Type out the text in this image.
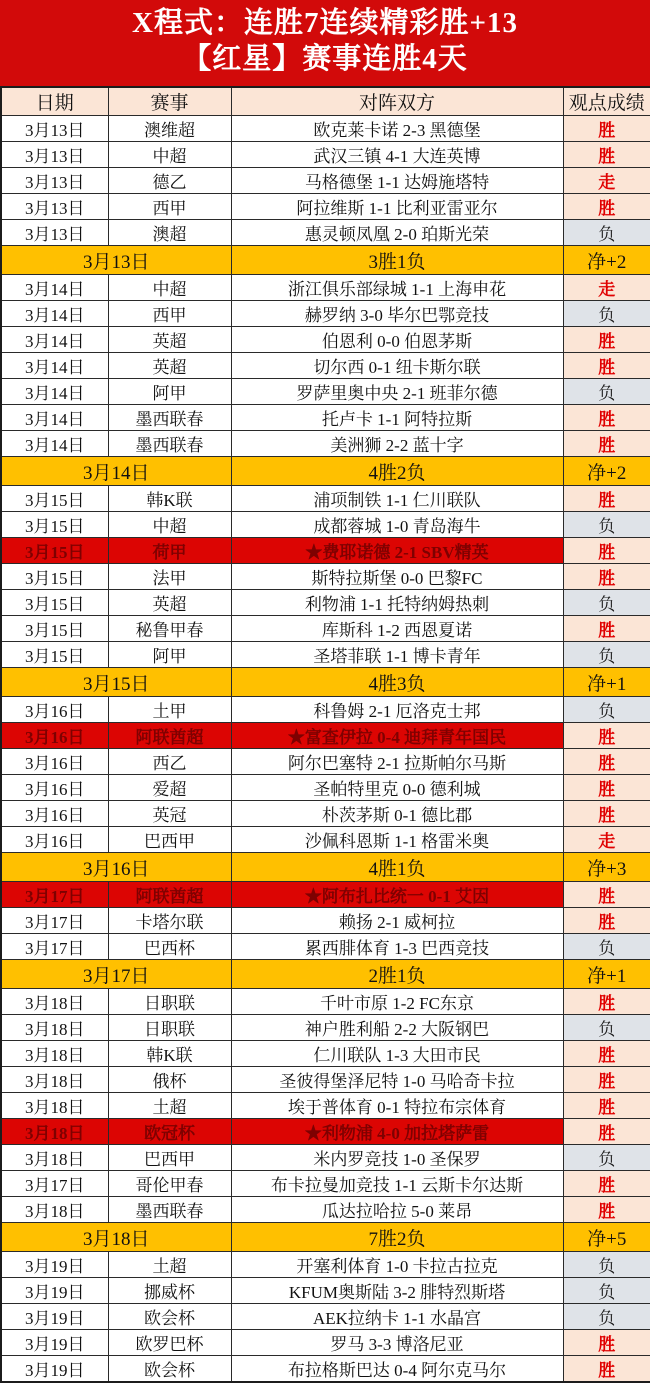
X程式：连胜7连续精彩胜+13
【红星】赛事连胜4天
日期	赛事	对阵双方	观点成绩
3月13日	澳维超	欧克莱卡诺 2-3 黑德堡	胜
3月13日	中超	武汉三镇 4-1 大连英博	胜
3月13日	德乙	马格德堡 1-1 达姆施塔特	走
3月13日	西甲	阿拉维斯 1-1 比利亚雷亚尔	胜
3月13日	澳超	惠灵顿凤凰 2-0 珀斯光荣	负
3月13日		3胜1负	净+2
3月14日	中超	浙江俱乐部绿城 1-1 上海申花	走
3月14日	西甲	赫罗纳 3-0 毕尔巴鄂竞技	负
3月14日	英超	伯恩利 0-0 伯恩茅斯	胜
3月14日	英超	切尔西 0-1 纽卡斯尔联	胜
3月14日	阿甲	罗萨里奥中央 2-1 班菲尔德	负
3月14日	墨西联春	托卢卡 1-1 阿特拉斯	胜
3月14日	墨西联春	美洲狮 2-2 蓝十字	胜
3月14日		4胜2负	净+2
3月15日	韩K联	浦项制铁 1-1 仁川联队	胜
3月15日	中超	成都蓉城 1-0 青岛海牛	负
3月15日	荷甲	★费耶诺德 2-1 SBV精英	胜
3月15日	法甲	斯特拉斯堡 0-0 巴黎FC	胜
3月15日	英超	利物浦 1-1 托特纳姆热刺	负
3月15日	秘鲁甲春	库斯科 1-2 西恩夏诺	胜
3月15日	阿甲	圣塔菲联 1-1 博卡青年	负
3月15日		4胜3负	净+1
3月16日	土甲	科鲁姆 2-1 厄洛克士邦	负
3月16日	阿联酋超	★富查伊拉 0-4 迪拜青年国民	胜
3月16日	西乙	阿尔巴塞特 2-1 拉斯帕尔马斯	胜
3月16日	爱超	圣帕特里克 0-0 德利城	胜
3月16日	英冠	朴茨茅斯 0-1 德比郡	胜
3月16日	巴西甲	沙佩科恩斯 1-1 格雷米奥	走
3月16日		4胜1负	净+3
3月17日	阿联酋超	★阿布扎比统一 0-1 艾因	胜
3月17日	卡塔尔联	赖扬 2-1 威柯拉	胜
3月17日	巴西杯	累西腓体育 1-3 巴西竞技	负
3月17日		2胜1负	净+1
3月18日	日职联	千叶市原 1-2 FC东京	胜
3月18日	日职联	神户胜利船 2-2 大阪钢巴	负
3月18日	韩K联	仁川联队 1-3 大田市民	胜
3月18日	俄杯	圣彼得堡泽尼特 1-0 马哈奇卡拉	胜
3月18日	土超	埃于普体育 0-1 特拉布宗体育	胜
3月18日	欧冠杯	★利物浦 4-0 加拉塔萨雷	胜
3月18日	巴西甲	米内罗竞技 1-0 圣保罗	负
3月17日	哥伦甲春	布卡拉曼加竞技 1-1 云斯卡尔达斯	胜
3月18日	墨西联春	瓜达拉哈拉 5-0 莱昂	胜
3月18日		7胜2负	净+5
3月19日	土超	开塞利体育 1-0 卡拉古拉克	负
3月19日	挪威杯	KFUM奥斯陆 3-2 腓特烈斯塔	负
3月19日	欧会杯	AEK拉纳卡 1-1 水晶宫	负
3月19日	欧罗巴杯	罗马 3-3 博洛尼亚	胜
3月19日	欧会杯	布拉格斯巴达 0-4 阿尔克马尔	胜
